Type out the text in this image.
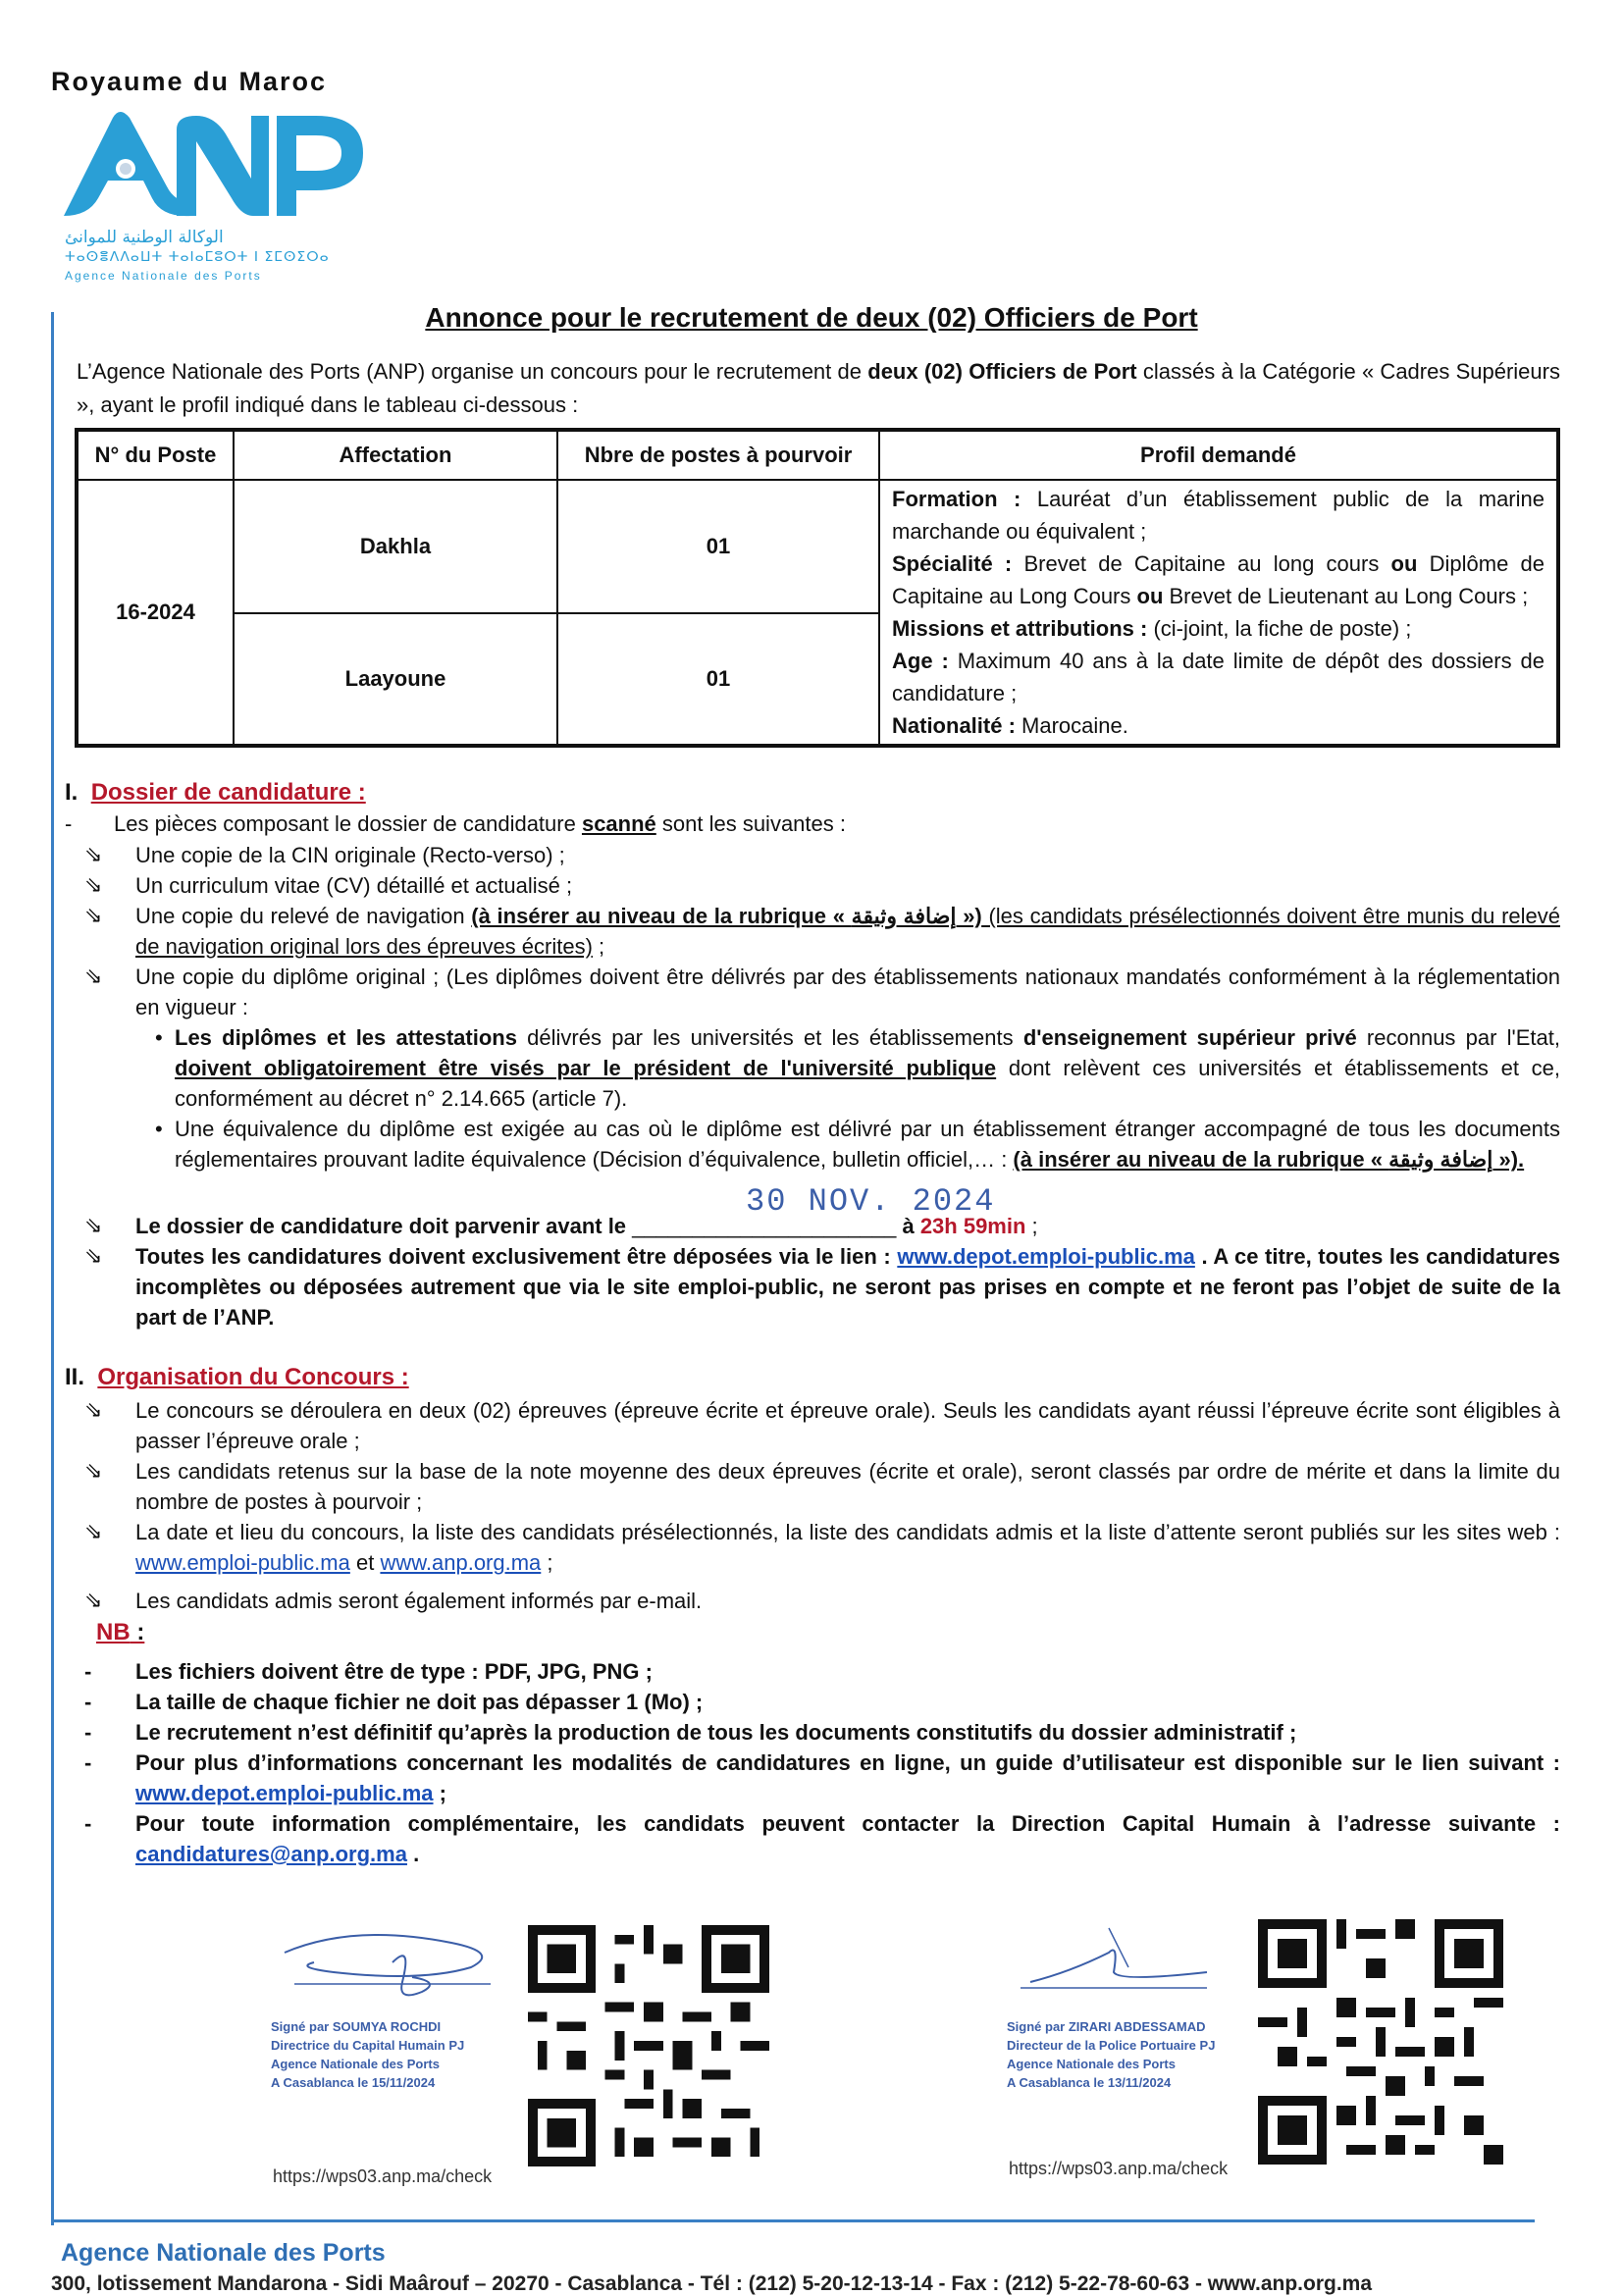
Royaume du Maroc
الوكالة الوطنية للموانئ
ⵜⴰⵙⴻⴷⴷⴰⵡⵜ ⵜⴰⵏⴰⵎⵓⵔⵜ ⵏ ⵉⵎⵙⵉⵔⴰ
Agence Nationale des Ports
Annonce pour le recrutement de deux (02) Officiers de Port
L’Agence Nationale des Ports (ANP) organise un concours pour le recrutement de deux (02) Officiers de Port classés à la Catégorie « Cadres Supérieurs », ayant le profil indiqué dans le tableau ci-dessous :
N° du Poste	Affectation	Nbre de postes à pourvoir	Profil demandé
16-2024	Dakhla	01	Formation : Lauréat d’un établissement public de la marine marchande ou équivalent ;
Spécialité : Brevet de Capitaine au long cours ou Diplôme de Capitaine au Long Cours ou Brevet de Lieutenant au Long Cours ;
Missions et attributions : (ci-joint, la fiche de poste) ;
Age : Maximum 40 ans à la date limite de dépôt des dossiers de candidature ;
Nationalité : Marocaine.
	Laayoune	01	
I. Dossier de candidature :
- Les pièces composant le dossier de candidature scanné sont les suivantes :
⇘ Une copie de la CIN originale (Recto-verso) ;
⇘ Un curriculum vitae (CV) détaillé et actualisé ;
⇘ Une copie du relevé de navigation (à insérer au niveau de la rubrique « إضافة وثيقة ») (les candidats présélectionnés doivent être munis du relevé de navigation original lors des épreuves écrites) ;
⇘ Une copie du diplôme original ; (Les diplômes doivent être délivrés par des établissements nationaux mandatés conformément à la réglementation en vigueur :
• Les diplômes et les attestations délivrés par les universités et les établissements d'enseignement supérieur privé reconnus par l'Etat, doivent obligatoirement être visés par le président de l'université publique dont relèvent ces universités et établissements et ce, conformément au décret n° 2.14.665 (article 7).
• Une équivalence du diplôme est exigée au cas où le diplôme est délivré par un établissement étranger accompagné de tous les documents réglementaires prouvant ladite équivalence (Décision d’équivalence, bulletin officiel,… : (à insérer au niveau de la rubrique « إضافة وثيقة »).
30 NOV. 2024
⇘ Le dossier de candidature doit parvenir avant le ______________________ à 23h 59min ;
⇘ Toutes les candidatures doivent exclusivement être déposées via le lien : www.depot.emploi-public.ma . A ce titre, toutes les candidatures incomplètes ou déposées autrement que via le site emploi-public, ne seront pas prises en compte et ne feront pas l’objet de suite de la part de l’ANP.
II. Organisation du Concours :
⇘ Le concours se déroulera en deux (02) épreuves (épreuve écrite et épreuve orale). Seuls les candidats ayant réussi l’épreuve écrite sont éligibles à passer l’épreuve orale ;
⇘ Les candidats retenus sur la base de la note moyenne des deux épreuves (écrite et orale), seront classés par ordre de mérite et dans la limite du nombre de postes à pourvoir ;
⇘ La date et lieu du concours, la liste des candidats présélectionnés, la liste des candidats admis et la liste d’attente seront publiés sur les sites web : www.emploi-public.ma et www.anp.org.ma ;
⇘ Les candidats admis seront également informés par e-mail.
NB :
- Les fichiers doivent être de type : PDF, JPG, PNG ;
- La taille de chaque fichier ne doit pas dépasser 1 (Mo) ;
- Le recrutement n’est définitif qu’après la production de tous les documents constitutifs du dossier administratif ;
- Pour plus d’informations concernant les modalités de candidatures en ligne, un guide d’utilisateur est disponible sur le lien suivant : www.depot.emploi-public.ma ;
- Pour toute information complémentaire, les candidats peuvent contacter la Direction Capital Humain à l’adresse suivante : candidatures@anp.org.ma .
Signé par SOUMYA ROCHDI
Directrice du Capital Humain PJ
Agence Nationale des Ports
A Casablanca le 15/11/2024
https://wps03.anp.ma/check
Signé par ZIRARI ABDESSAMAD
Directeur de la Police Portuaire PJ
Agence Nationale des Ports
A Casablanca le 13/11/2024
https://wps03.anp.ma/check
Agence Nationale des Ports
300, lotissement Mandarona - Sidi Maârouf – 20270 - Casablanca - Tél : (212) 5-20-12-13-14 - Fax : (212) 5-22-78-60-63 - www.anp.org.ma
